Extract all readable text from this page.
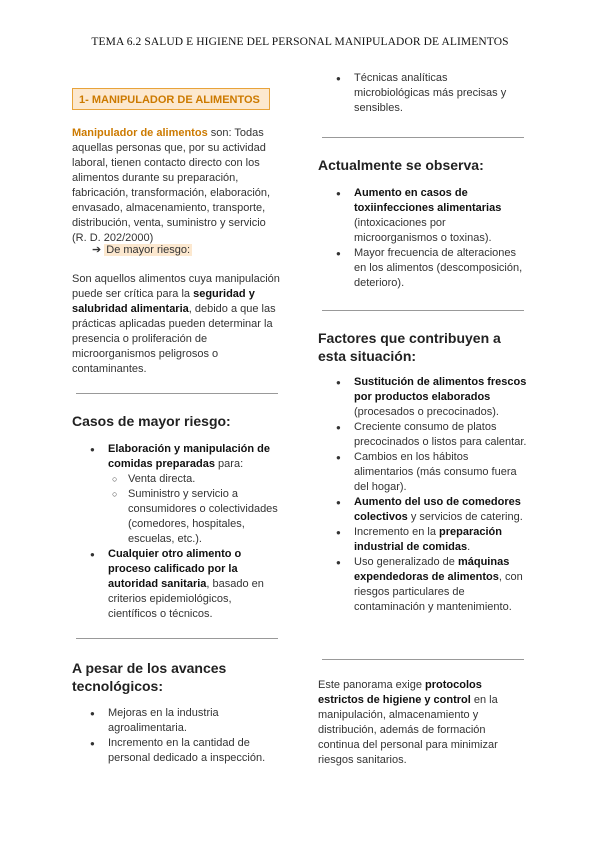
TEMA 6.2 SALUD E HIGIENE DEL PERSONAL MANIPULADOR DE ALIMENTOS
1- MANIPULADOR DE ALIMENTOS
Manipulador de alimentos son: Todas aquellas personas que, por su actividad laboral, tienen contacto directo con los alimentos durante su preparación, fabricación, transformación, elaboración, envasado, almacenamiento, transporte, distribución, venta, suministro y servicio (R. D. 202/2000)
➔ De mayor riesgo:
Son aquellos alimentos cuya manipulación puede ser crítica para la seguridad y salubridad alimentaria, debido a que las prácticas aplicadas pueden determinar la presencia o proliferación de microorganismos peligrosos o contaminantes.
Casos de mayor riesgo:
● Elaboración y manipulación de comidas preparadas para:
○ Venta directa.
○ Suministro y servicio a consumidores o colectividades (comedores, hospitales, escuelas, etc.).
● Cualquier otro alimento o proceso calificado por la autoridad sanitaria, basado en criterios epidemiológicos, científicos o técnicos.
A pesar de los avances tecnológicos:
● Mejoras en la industria agroalimentaria.
● Incremento en la cantidad de personal dedicado a inspección.
● Técnicas analíticas microbiológicas más precisas y sensibles.
Actualmente se observa:
● Aumento en casos de toxiinfecciones alimentarias (intoxicaciones por microorganismos o toxinas).
● Mayor frecuencia de alteraciones en los alimentos (descomposición, deterioro).
Factores que contribuyen a esta situación:
● Sustitución de alimentos frescos por productos elaborados (procesados o precocinados).
● Creciente consumo de platos precocinados o listos para calentar.
● Cambios en los hábitos alimentarios (más consumo fuera del hogar).
● Aumento del uso de comedores colectivos y servicios de catering.
● Incremento en la preparación industrial de comidas.
● Uso generalizado de máquinas expendedoras de alimentos, con riesgos particulares de contaminación y mantenimiento.
Este panorama exige protocolos estrictos de higiene y control en la manipulación, almacenamiento y distribución, además de formación continua del personal para minimizar riesgos sanitarios.
